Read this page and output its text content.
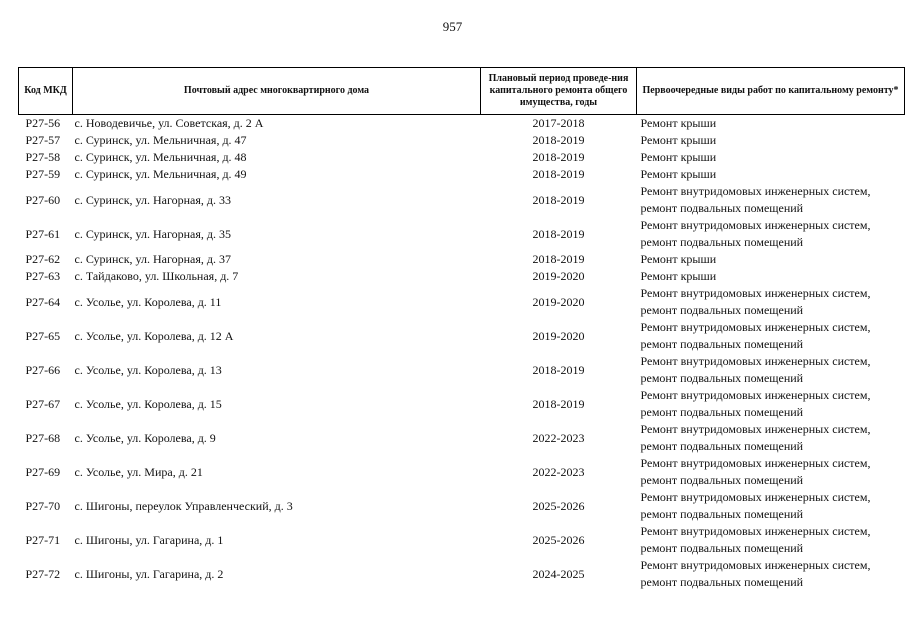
957
Код МКД	Почтовый адрес многоквартирного дома	Плановый период проведе-ния капитального ремонта общего имущества, годы	Первоочередные виды работ по капитальному ремонту*
Р27-56	с. Новодевичье, ул. Советская, д. 2 А	2017-2018	Ремонт крыши

Р27-57	с. Суринск, ул. Мельничная, д. 47	2018-2019	Ремонт крыши

Р27-58	с. Суринск, ул. Мельничная, д. 48	2018-2019	Ремонт крыши

Р27-59	с. Суринск, ул. Мельничная, д. 49	2018-2019	Ремонт крыши

Р27-60	с. Суринск, ул. Нагорная, д. 33	2018-2019	Ремонт внутридомовых инженерных систем,
ремонт подвальных помещений

Р27-61	с. Суринск, ул. Нагорная, д. 35	2018-2019	Ремонт внутридомовых инженерных систем,
ремонт подвальных помещений

Р27-62	с. Суринск, ул. Нагорная, д. 37	2018-2019	Ремонт крыши

Р27-63	с. Тайдаково, ул. Школьная, д. 7	2019-2020	Ремонт крыши

Р27-64	с. Усолье, ул. Королева, д. 11	2019-2020	Ремонт внутридомовых инженерных систем,
ремонт подвальных помещений

Р27-65	с. Усолье, ул. Королева, д. 12 А	2019-2020	Ремонт внутридомовых инженерных систем,
ремонт подвальных помещений

Р27-66	с. Усолье, ул. Королева, д. 13	2018-2019	Ремонт внутридомовых инженерных систем,
ремонт подвальных помещений

Р27-67	с. Усолье, ул. Королева, д. 15	2018-2019	Ремонт внутридомовых инженерных систем,
ремонт подвальных помещений

Р27-68	с. Усолье, ул. Королева, д. 9	2022-2023	Ремонт внутридомовых инженерных систем,
ремонт подвальных помещений

Р27-69	с. Усолье, ул. Мира, д. 21	2022-2023	Ремонт внутридомовых инженерных систем,
ремонт подвальных помещений

Р27-70	с. Шигоны, переулок Управленческий, д. 3	2025-2026	Ремонт внутридомовых инженерных систем,
ремонт подвальных помещений

Р27-71	с. Шигоны, ул. Гагарина, д. 1	2025-2026	Ремонт внутридомовых инженерных систем,
ремонт подвальных помещений

Р27-72	с. Шигоны, ул. Гагарина, д. 2	2024-2025	Ремонт внутридомовых инженерных систем,
ремонт подвальных помещений
